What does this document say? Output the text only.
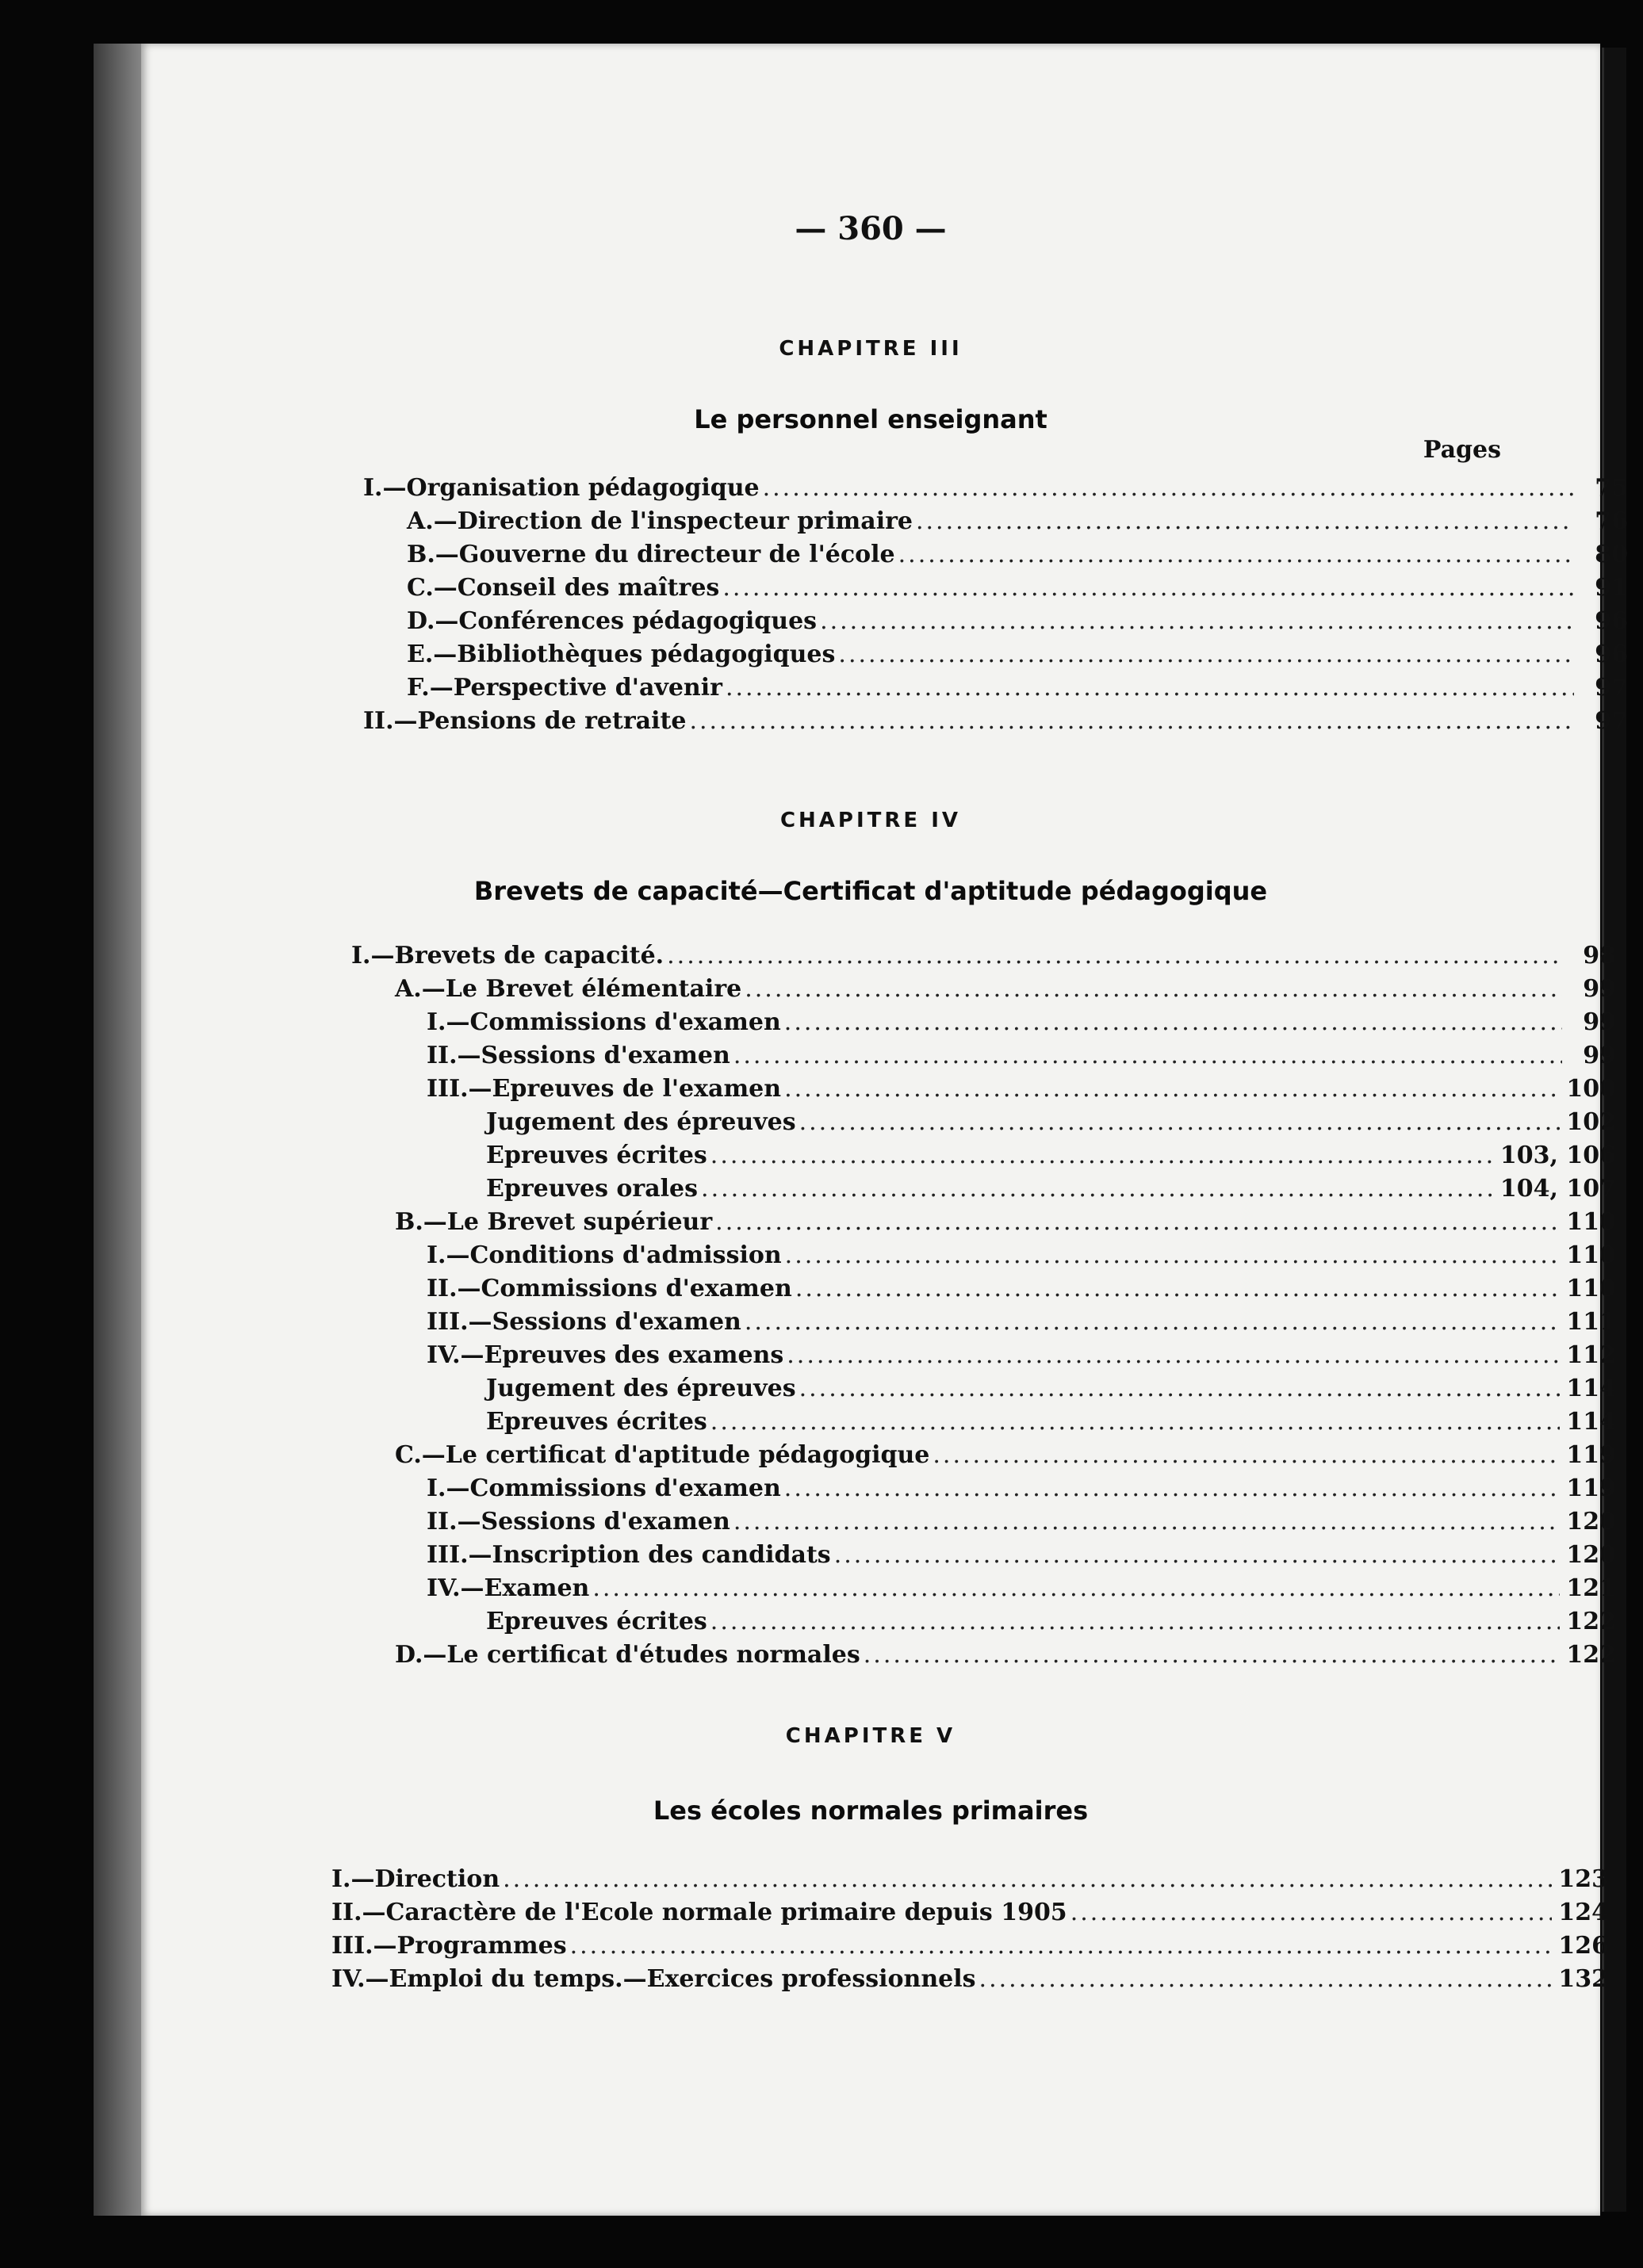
— 360 —
CHAPITRE III
Le personnel enseignant
Pages
I.—Organisation pédagogique .....	75
A.—Direction de l'inspecteur primaire .....	76
B.—Gouverne du directeur de l'école .....	80
C.—Conseil des maîtres .....	91
D.—Conférences pédagogiques .....	96
E.—Bibliothèques pédagogiques .....	96
F.—Perspective d'avenir .....	97
II.—Pensions de retraite .....	97
CHAPITRE IV
Brevets de capacité—Certificat d'aptitude pédagogique
I.—Brevets de capacité. .....	98
A.—Le Brevet élémentaire .....	99
I.—Commissions d'examen .....	99
II.—Sessions d'examen .....	99
III.—Epreuves de l'examen .....	100
Jugement des épreuves .....	102
Epreuves écrites .....	103, 106
Epreuves orales .....	104, 107
B.—Le Brevet supérieur .....	110
I.—Conditions d'admission .....	110
II.—Commissions d'examen .....	110
III.—Sessions d'examen .....	111
IV.—Epreuves des examens .....	112
Jugement des épreuves .....	114
Epreuves écrites .....	114
C.—Le certificat d'aptitude pédagogique .....	119
I.—Commissions d'examen .....	119
II.—Sessions d'examen .....	120
III.—Inscription des candidats .....	120
IV.—Examen .....	121
Epreuves écrites .....	122
D.—Le certificat d'études normales .....	122
CHAPITRE V
Les écoles normales primaires
I.—Direction .....	123
II.—Caractère de l'Ecole normale primaire depuis 1905 .....	124
III.—Programmes .....	126
IV.—Emploi du temps.—Exercices professionnels .....	132
